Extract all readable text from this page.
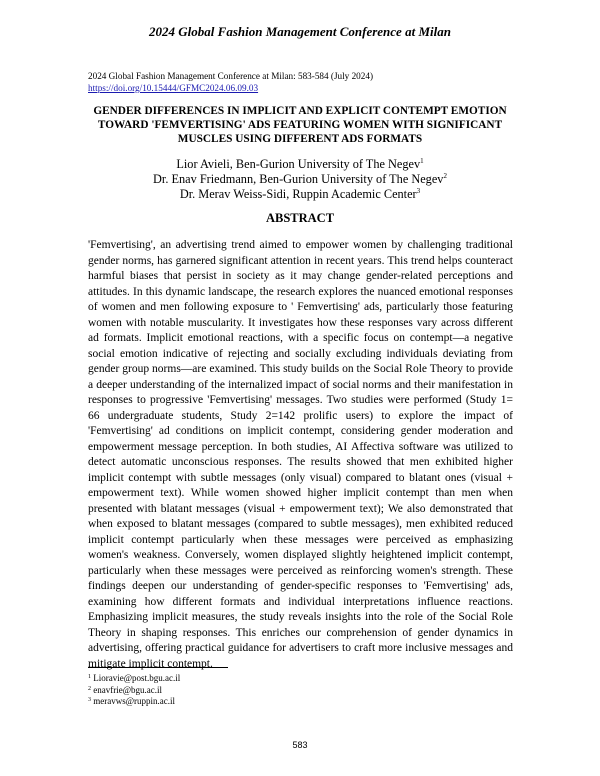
2024 Global Fashion Management Conference at Milan
2024 Global Fashion Management Conference at Milan: 583-584 (July 2024)
https://doi.org/10.15444/GFMC2024.06.09.03
GENDER DIFFERENCES IN IMPLICIT AND EXPLICIT CONTEMPT EMOTION TOWARD 'FEMVERTISING' ADS FEATURING WOMEN WITH SIGNIFICANT MUSCLES USING DIFFERENT ADS FORMATS
Lior Avieli, Ben-Gurion University of The Negev$^1$
Dr. Enav Friedmann, Ben-Gurion University of The Negev$^2$
Dr. Merav Weiss-Sidi, Ruppin Academic Center$^3$
ABSTRACT

'Femvertising', an advertising trend aimed to empower women by challenging traditional gender norms, has garnered significant attention in recent years. This trend helps counteract harmful biases that persist in society as it may change gender-related perceptions and attitudes. In this dynamic landscape, the research explores the nuanced emotional responses of women and men following exposure to ' Femvertising' ads, particularly those featuring women with notable muscularity. It investigates how these responses vary across different ad formats. Implicit emotional reactions, with a specific focus on contempt—a negative social emotion indicative of rejecting and socially excluding individuals deviating from gender group norms—are examined. This study builds on the Social Role Theory to provide a deeper understanding of the internalized impact of social norms and their manifestation in responses to progressive 'Femvertising' messages. Two studies were performed (Study 1= 66 undergraduate students, Study 2=142 prolific users) to explore the impact of 'Femvertising' ad conditions on implicit contempt, considering gender moderation and empowerment message perception. In both studies, AI Affectiva software was utilized to detect automatic unconscious responses. The results showed that men exhibited higher implicit contempt with subtle messages (only visual) compared to blatant ones (visual + empowerment text). While women showed higher implicit contempt than men when presented with blatant messages (visual + empowerment text); We also demonstrated that when exposed to blatant messages (compared to subtle messages), men exhibited reduced implicit contempt particularly when these messages were perceived as emphasizing women's weakness. Conversely, women displayed slightly heightened implicit contempt, particularly when these messages were perceived as reinforcing women's strength. These findings deepen our understanding of gender-specific responses to 'Femvertising' ads, examining how different formats and individual interpretations influence reactions. Emphasizing implicit measures, the study reveals insights into the role of the Social Role Theory in shaping responses. This enriches our comprehension of gender dynamics in advertising, offering practical guidance for advertisers to craft more inclusive messages and mitigate implicit contempt.

$^1$ Lioravie@post.bgu.ac.il
$^2$ enavfrie@bgu.ac.il
$^3$ meravws@ruppin.ac.il
583
